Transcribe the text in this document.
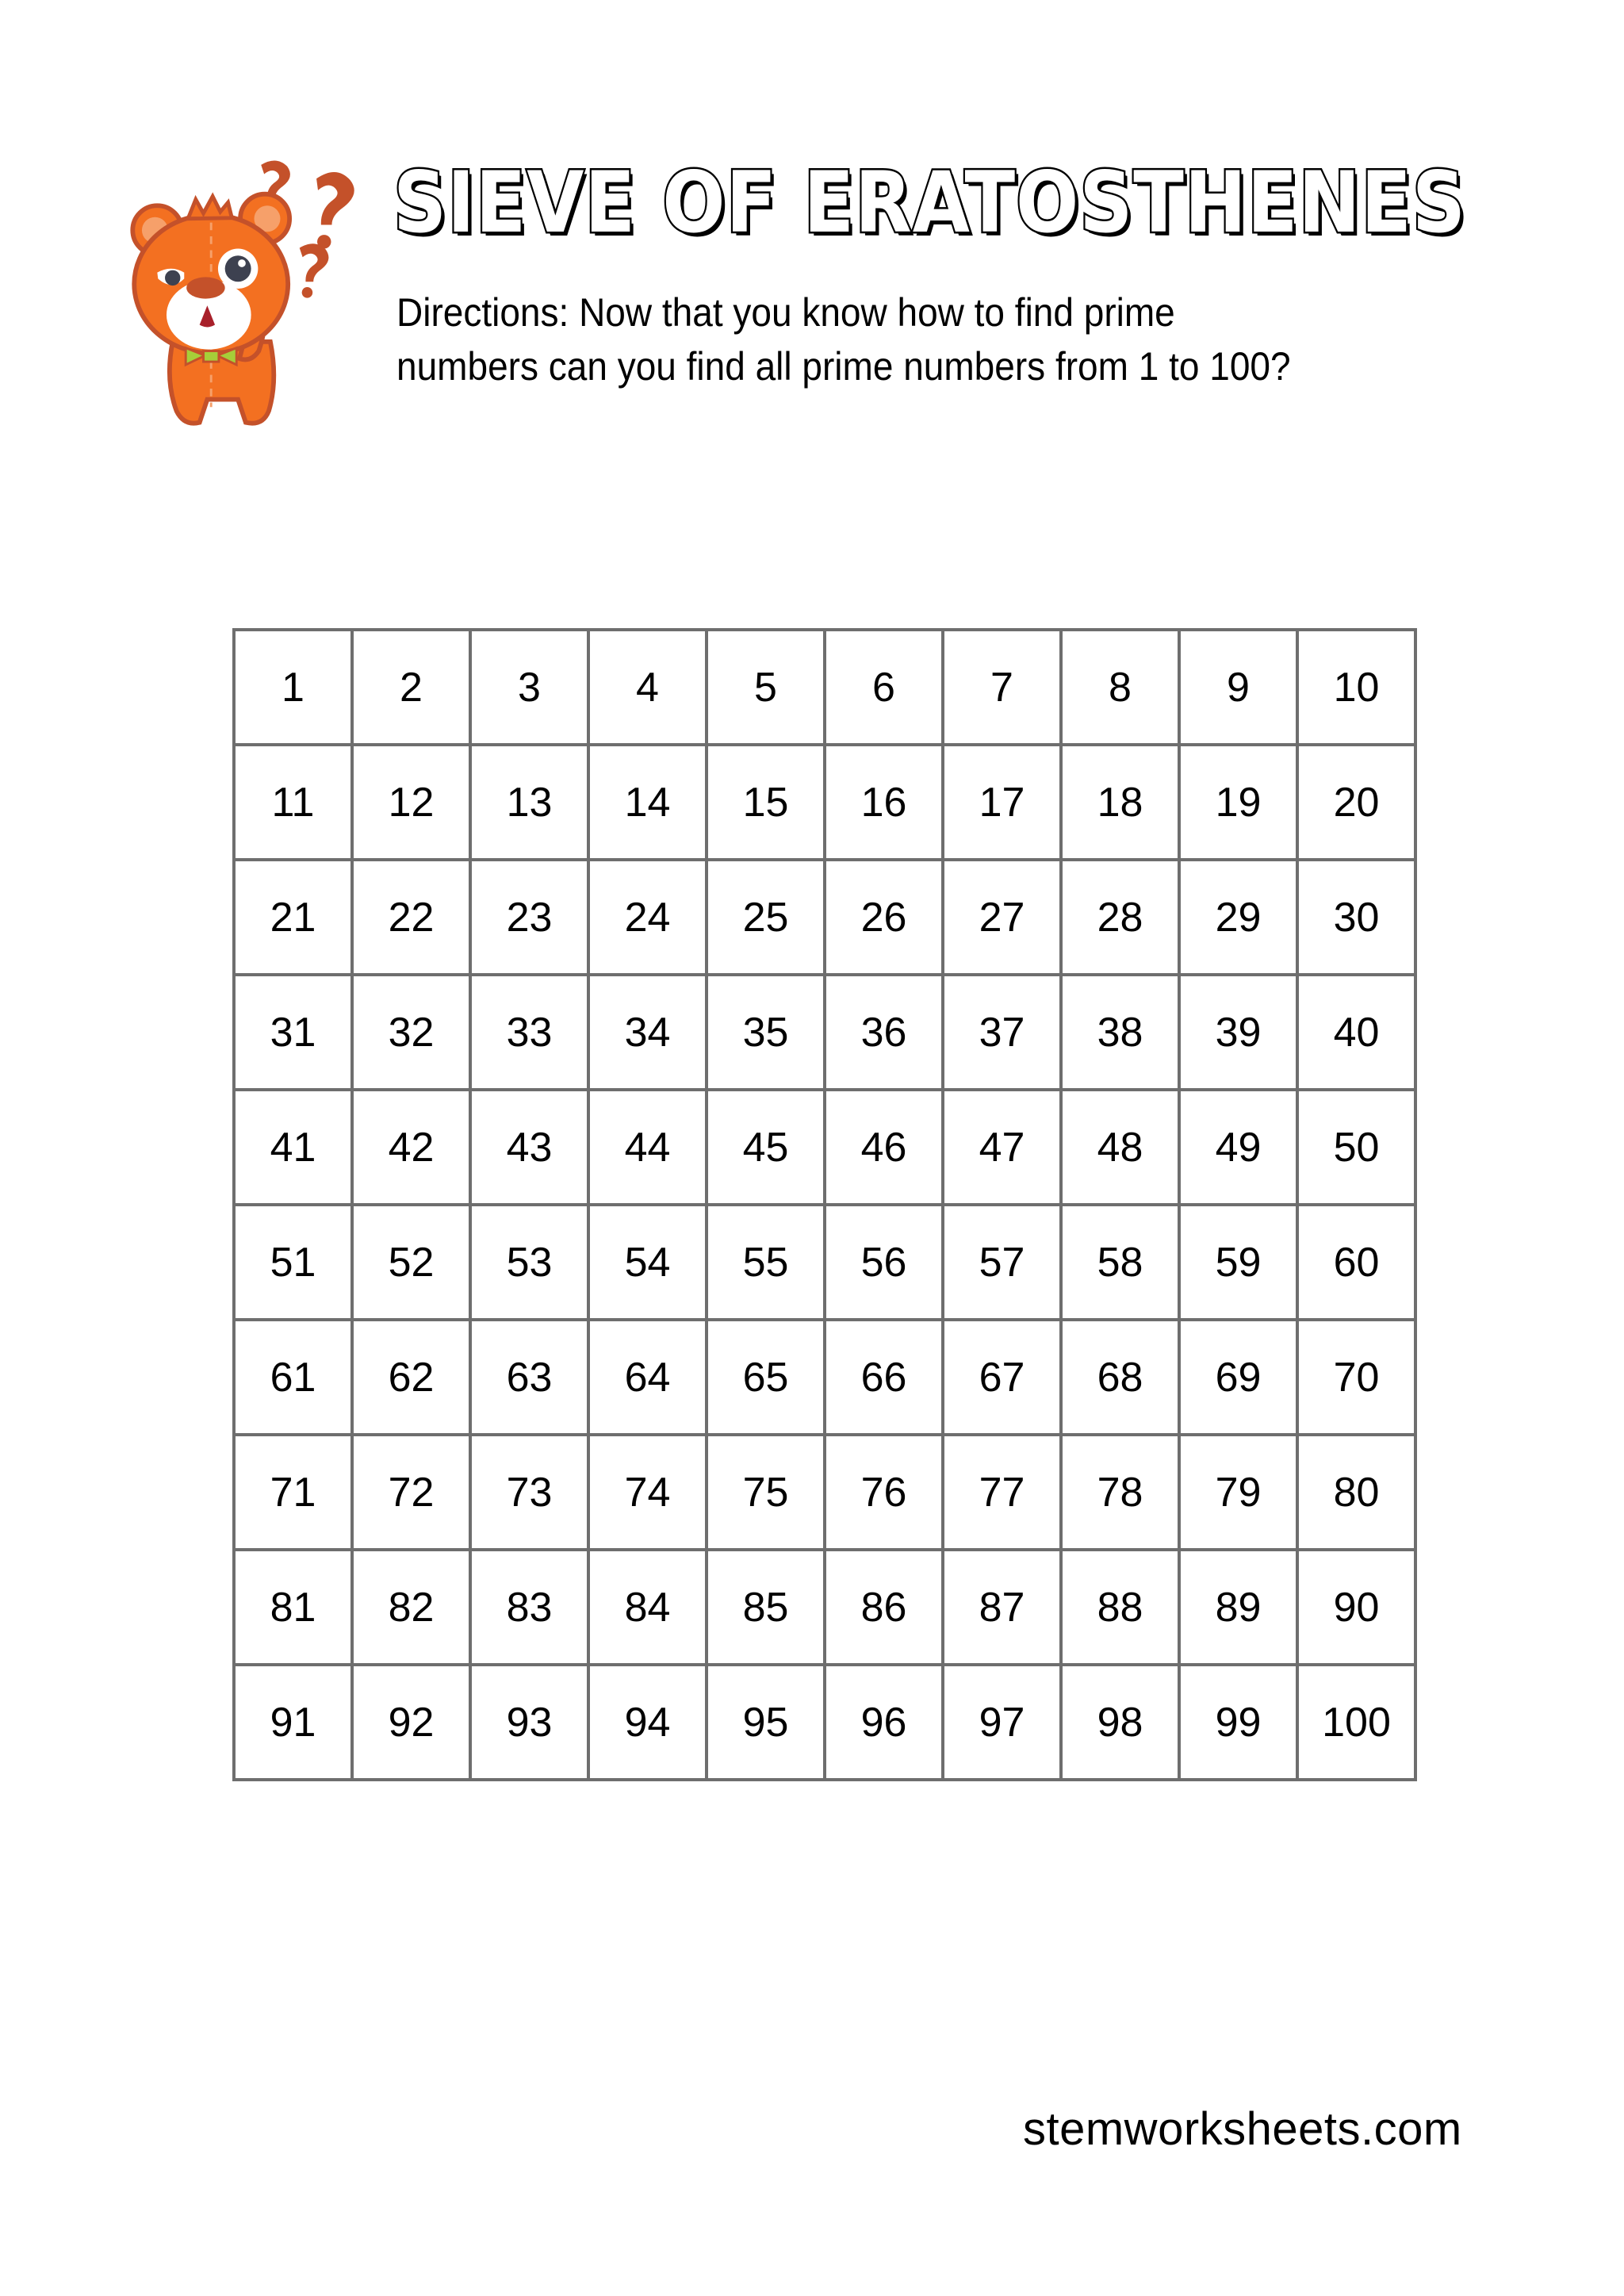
SIEVE OF ERATOSTHENES
Directions: Now that you know how to find prime
numbers can you find all prime numbers from 1 to 100?
1	2	3	4	5	6	7	8	9	10
11	12	13	14	15	16	17	18	19	20
21	22	23	24	25	26	27	28	29	30
31	32	33	34	35	36	37	38	39	40
41	42	43	44	45	46	47	48	49	50
51	52	53	54	55	56	57	58	59	60
61	62	63	64	65	66	67	68	69	70
71	72	73	74	75	76	77	78	79	80
81	82	83	84	85	86	87	88	89	90
91	92	93	94	95	96	97	98	99	100
stemworksheets.com
